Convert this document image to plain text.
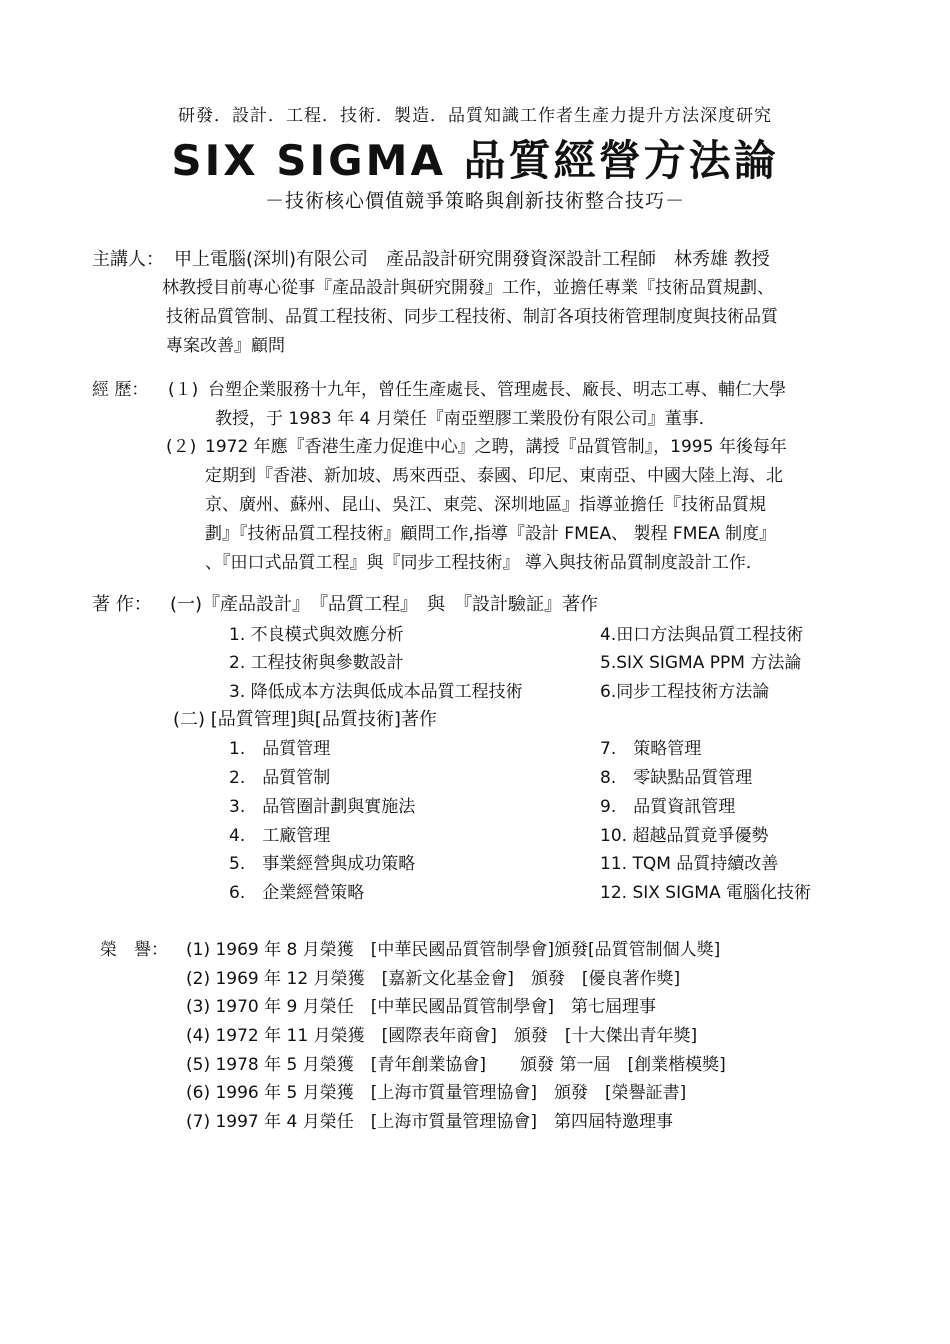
研發．設計．工程．技術．製造．品質知識工作者生產力提升方法深度研究
SIX SIGMA 品質經營方法論
－技術核心價值競爭策略與創新技術整合技巧－
主講人： 甲上電腦(深圳)有限公司　產品設計研究開發資深設計工程師　林秀雄 教授
林教授目前專心從事『產品設計與研究開發』工作，並擔任專業『技術品質規劃、
技術品質管制、品質工程技術、同步工程技術、制訂各項技術管理制度與技術品質
專案改善』顧問
經 歷： (１) 台塑企業服務十九年，曾任生產處長、管理處長、廠長、明志工專、輔仁大學
教授，于 1983 年 4 月榮任『南亞塑膠工業股份有限公司』董事．
(２) 1972 年應『香港生產力促進中心』之聘，講授『品質管制』，1995 年後每年
定期到『香港、新加坡、馬來西亞、泰國、印尼、東南亞、中國大陸上海、北
京、廣州、蘇州、昆山、吳江、東莞、深圳地區』指導並擔任『技術品質規
劃』『技術品質工程技術』顧問工作,指導『設計 FMEA、 製程 FMEA 制度』
、『田口式品質工程』與『同步工程技術』 導入與技術品質制度設計工作．
著 作： (一)『產品設計』　『品質工程』　與　『設計驗証』著作
1. 不良模式與效應分析
2. 工程技術與參數設計
3. 降低成本方法與低成本品質工程技術
4.田口方法與品質工程技術
5.SIX SIGMA PPM 方法論
6.同步工程技術方法論
(二) [品質管理]與[品質技術]著作
1.　品質管理
2.　品質管制
3.　品管圈計劃與實施法
4.　工廠管理
5.　事業經營與成功策略
6.　企業經營策略
7.　策略管理
8.　零缺點品質管理
9.　品質資訊管理
10. 超越品質竟爭優勢
11. TQM 品質持續改善
12. SIX SIGMA 電腦化技術
榮　譽： (1) 1969 年 8 月榮獲　[中華民國品質管制學會]頒發[品質管制個人獎]
(2) 1969 年 12 月榮獲　[嘉新文化基金會]　頒發　[優良著作獎]
(3) 1970 年 9 月榮任　[中華民國品質管制學會]　第七屆理事
(4) 1972 年 11 月榮獲　[國際表年商會]　頒發　[十大傑出青年獎]
(5) 1978 年 5 月榮獲　[青年創業協會]　　頒發 第一屆　[創業楷模獎]
(6) 1996 年 5 月榮獲　[上海市質量管理協會]　頒發　[榮譽証書]
(7) 1997 年 4 月榮任　[上海市質量管理協會]　第四屆特邀理事
